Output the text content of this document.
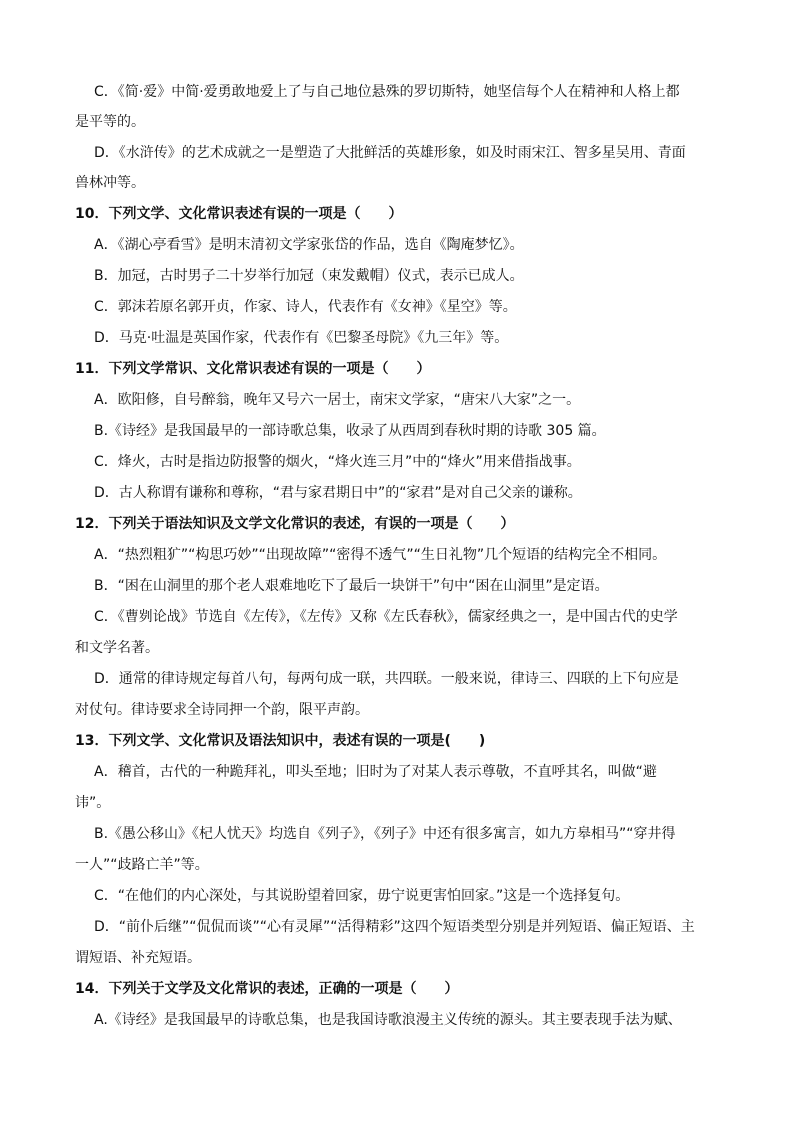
C．《简·爱》中简·爱勇敢地爱上了与自己地位悬殊的罗切斯特，她坚信每个人在精神和人格上都
是平等的。
D．《水浒传》的艺术成就之一是塑造了大批鲜活的英雄形象，如及时雨宋江、智多星吴用、青面
兽林冲等。
10．下列文学、文化常识表述有误的一项是（　　）
A．《湖心亭看雪》是明末清初文学家张岱的作品，选自《陶庵梦忆》。
B．加冠，古时男子二十岁举行加冠（束发戴帽）仪式，表示已成人。
C．郭沫若原名郭开贞，作家、诗人，代表作有《女神》《星空》等。
D．马克·吐温是英国作家，代表作有《巴黎圣母院》《九三年》等。
11．下列文学常识、文化常识表述有误的一项是（　　）
A．欧阳修，自号醉翁，晚年又号六一居士，南宋文学家，“唐宋八大家”之一。
B.《诗经》是我国最早的一部诗歌总集，收录了从西周到春秋时期的诗歌 305 篇。
C．烽火，古时是指边防报警的烟火，“烽火连三月”中的“烽火”用来借指战事。
D．古人称谓有谦称和尊称，“君与家君期日中”的“家君”是对自己父亲的谦称。
12．下列关于语法知识及文学文化常识的表述，有误的一项是（　　）
A．“热烈粗犷”“构思巧妙”“出现故障”“密得不透气”“生日礼物”几个短语的结构完全不相同。
B．“困在山洞里的那个老人艰难地吃下了最后一块饼干”句中“困在山洞里”是定语。
C．《曹刿论战》节选自《左传》，《左传》又称《左氏春秋》，儒家经典之一，是中国古代的史学
和文学名著。
D．通常的律诗规定每首八句，每两句成一联，共四联。一般来说，律诗三、四联的上下句应是
对仗句。律诗要求全诗同押一个韵，限平声韵。
13．下列文学、文化常识及语法知识中，表述有误的一项是(　　)
A．稽首，古代的一种跪拜礼，叩头至地；旧时为了对某人表示尊敬，不直呼其名，叫做“避
讳”。
B.《愚公移山》《杞人忧天》均选自《列子》，《列子》中还有很多寓言，如九方皋相马”“穿井得
一人”“歧路亡羊”等。
C．“在他们的内心深处，与其说盼望着回家，毋宁说更害怕回家。”这是一个选择复句。
D．“前仆后继”“侃侃而谈”“心有灵犀”“活得精彩”这四个短语类型分别是并列短语、偏正短语、主
谓短语、补充短语。
14．下列关于文学及文化常识的表述，正确的一项是（　　）
A.《诗经》是我国最早的诗歌总集，也是我国诗歌浪漫主义传统的源头。其主要表现手法为赋、
